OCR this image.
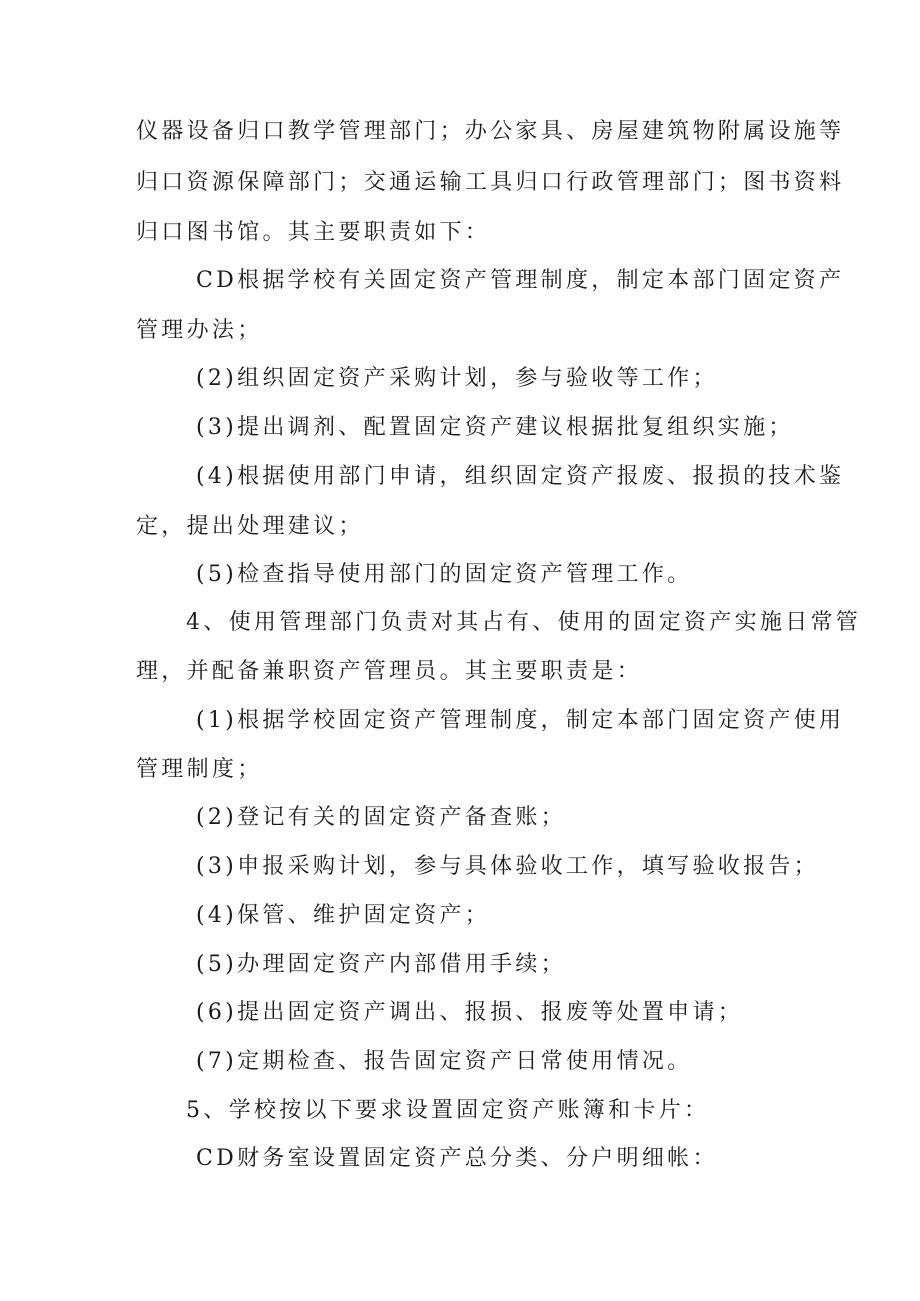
仪器设备归口教学管理部门；办公家具、房屋建筑物附属设施等
归口资源保障部门；交通运输工具归口行政管理部门；图书资料
归口图书馆。其主要职责如下：
CD根据学校有关固定资产管理制度，制定本部门固定资产
管理办法；
(2)组织固定资产采购计划，参与验收等工作；
(3)提出调剂、配置固定资产建议根据批复组织实施；
(4)根据使用部门申请，组织固定资产报废、报损的技术鉴
定，提出处理建议；
(5)检查指导使用部门的固定资产管理工作。
4、使用管理部门负责对其占有、使用的固定资产实施日常管
理，并配备兼职资产管理员。其主要职责是：
(1)根据学校固定资产管理制度，制定本部门固定资产使用
管理制度；
(2)登记有关的固定资产备查账；
(3)申报采购计划，参与具体验收工作，填写验收报告；
(4)保管、维护固定资产；
(5)办理固定资产内部借用手续；
(6)提出固定资产调出、报损、报废等处置申请；
(7)定期检查、报告固定资产日常使用情况。
5、学校按以下要求设置固定资产账簿和卡片：
CD财务室设置固定资产总分类、分户明细帐：
